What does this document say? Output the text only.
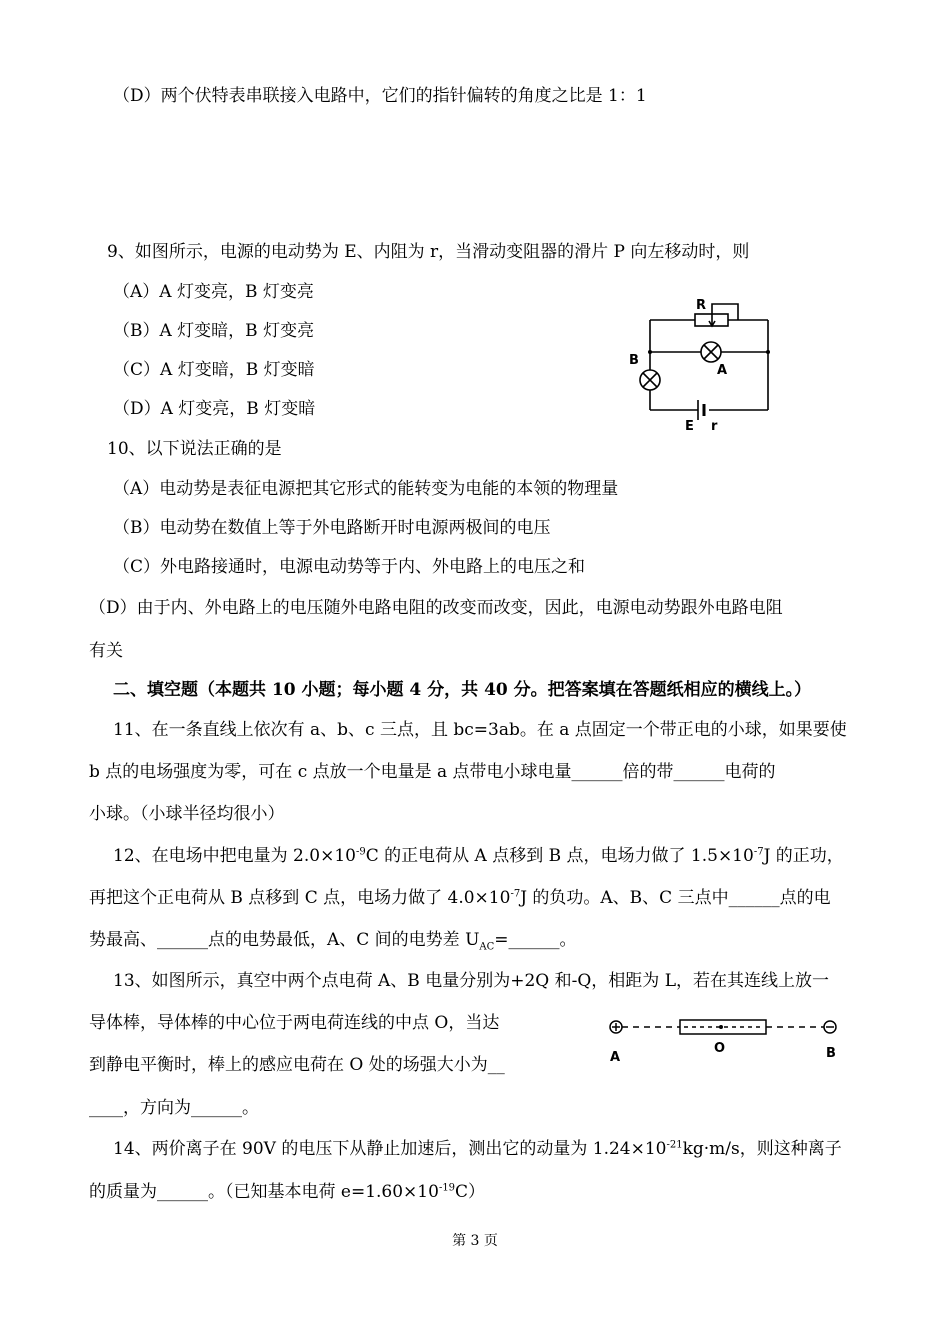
（D）两个伏特表串联接入电路中，它们的指针偏转的角度之比是 1：1
9、如图所示，电源的电动势为 E、内阻为 r，当滑动变阻器的滑片 P 向左移动时，则
（A）A 灯变亮，B 灯变亮
（B）A 灯变暗，B 灯变亮
（C）A 灯变暗，B 灯变暗
（D）A 灯变亮，B 灯变暗
R
A
B
E r
10、以下说法正确的是
（A）电动势是表征电源把其它形式的能转变为电能的本领的物理量
（B）电动势在数值上等于外电路断开时电源两极间的电压
（C）外电路接通时，电源电动势等于内、外电路上的电压之和
（D）由于内、外电路上的电压随外电路电阻的改变而改变，因此，电源电动势跟外电路电阻
有关
二、填空题（本题共 10 小题；每小题 4 分，共 40 分。把答案填在答题纸相应的横线上。）
11、在一条直线上依次有 a、b、c 三点，且 bc=3ab。在 a 点固定一个带正电的小球，如果要使
b 点的电场强度为零，可在 c 点放一个电量是 a 点带电小球电量______倍的带______电荷的
小球。（小球半径均很小）
12、在电场中把电量为 $2.0\times 10^{-9}C$ 的正电荷从 A 点移到 B 点，电场力做了 $1.5\times 10^{-7}J$ 的正功，
再把这个正电荷从 B 点移到 C 点，电场力做了 $4.0\times 10^{-7}J$ 的负功。A、B、C 三点中______点的电
势最高、______点的电势最低，A、C 间的电势差 $U_{AC}=\_\_\_\_\_\_$。
13、如图所示，真空中两个点电荷 A、B 电量分别为+2Q 和-Q，相距为 L，若在其连线上放一
导体棒，导体棒的中心位于两电荷连线的中点 O，当达
到静电平衡时，棒上的感应电荷在 O 处的场强大小为__
____，方向为______。
A
O	B
14、两价离子在 90V 的电压下从静止加速后，测出它的动量为 $1.24\times 10^{-21}kg\cdot m/s$，则这种离子
的质量为______。（已知基本电荷 $e=1.60\times 10^{-19}C$）
第 3 页
